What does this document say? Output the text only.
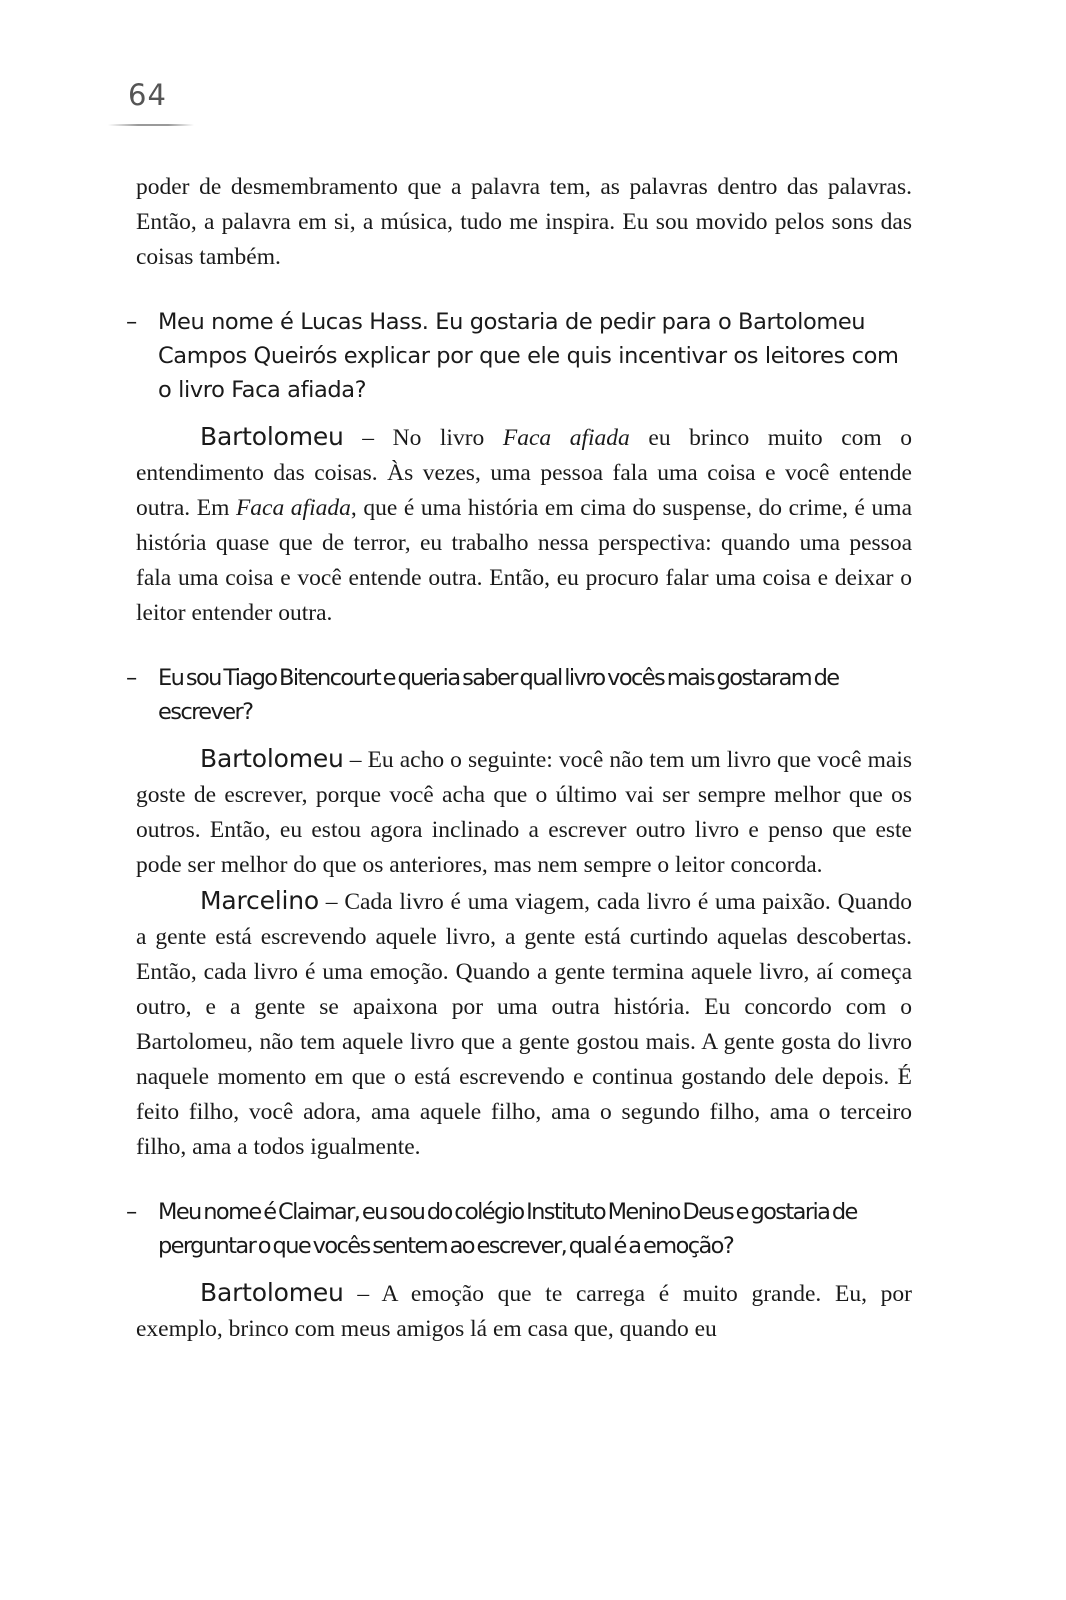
64

poder de desmembramento que a palavra tem, as palavras dentro das palavras. Então, a palavra em si, a música, tudo me inspira. Eu sou movido pelos sons das coisas também.

– Meu nome é Lucas Hass. Eu gostaria de pedir para o Bartolomeu Campos Queirós explicar por que ele quis incentivar os leitores com o livro Faca afiada?

Bartolomeu – No livro Faca afiada eu brinco muito com o entendimento das coisas. Às vezes, uma pessoa fala uma coisa e você entende outra. Em Faca afiada, que é uma história em cima do suspense, do crime, é uma história quase que de terror, eu trabalho nessa perspectiva: quando uma pessoa fala uma coisa e você entende outra. Então, eu procuro falar uma coisa e deixar o leitor entender outra.

– Eu sou Tiago Bitencourt e queria saber qual livro vocês mais gostaram de escrever?

Bartolomeu – Eu acho o seguinte: você não tem um livro que você mais goste de escrever, porque você acha que o último vai ser sempre melhor que os outros. Então, eu estou agora inclinado a escrever outro livro e penso que este pode ser melhor do que os anteriores, mas nem sempre o leitor concorda.

Marcelino – Cada livro é uma viagem, cada livro é uma paixão. Quando a gente está escrevendo aquele livro, a gente está curtindo aquelas descobertas. Então, cada livro é uma emoção. Quando a gente termina aquele livro, aí começa outro, e a gente se apaixona por uma outra história. Eu concordo com o Bartolomeu, não tem aquele livro que a gente gostou mais. A gente gosta do livro naquele momento em que o está escrevendo e continua gostando dele depois. É feito filho, você adora, ama aquele filho, ama o segundo filho, ama o terceiro filho, ama a todos igualmente.

– Meu nome é Claimar, eu sou do colégio Instituto Menino Deus e gostaria de perguntar o que vocês sentem ao escrever, qual é a emoção?

Bartolomeu – A emoção que te carrega é muito grande. Eu, por exemplo, brinco com meus amigos lá em casa que, quando eu
